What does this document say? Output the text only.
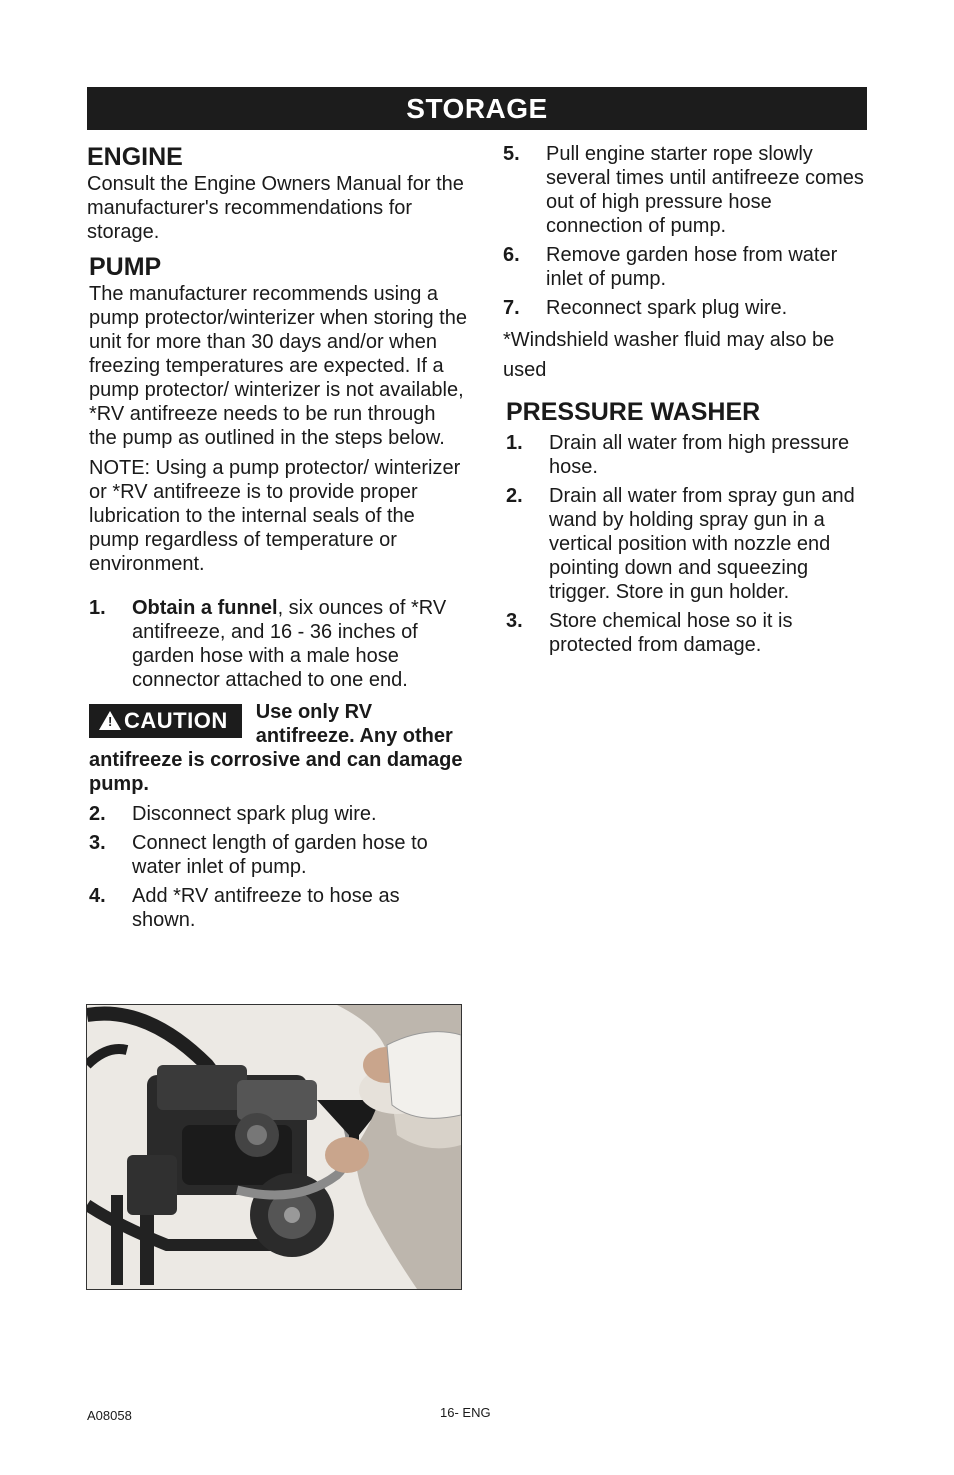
STORAGE
ENGINE

Consult the Engine Owners Manual for the manufacturer's recommendations for storage.

PUMP

The manufacturer recommends using a pump protector/winterizer when storing the unit for more than 30 days and/or when freezing temperatures are expected. If a pump protector/ winterizer is not available, *RV antifreeze needs to be run through the pump as outlined in the steps below.

NOTE: Using a pump protector/ winterizer or *RV antifreeze is to provide proper lubrication to the internal seals of the pump regardless of temperature or environment.

1.	Obtain a funnel, six ounces of *RV antifreeze, and 16 - 36 inches of garden hose with a male hose connector attached to one end.
! CAUTION	Use only RV antifreeze. Any other antifreeze is corrosive and can damage pump.
2.	Disconnect spark plug wire.
3.	Connect length of garden hose to water inlet of pump.
4.	Add *RV antifreeze to hose as shown.
5.	Pull engine starter rope slowly several times until antifreeze comes out of high pressure hose connection of pump.
6.	Remove garden hose from water inlet of pump.
7.	Reconnect spark plug wire.

*Windshield washer fluid may also be used

PRESSURE WASHER
1.	Drain all water from high pressure hose.
2.	Drain all water from spray gun and wand by holding spray gun in a vertical position with nozzle end pointing down and squeezing trigger. Store in gun holder.
3.	Store chemical hose so it is protected from damage.
A08058	16- ENG
